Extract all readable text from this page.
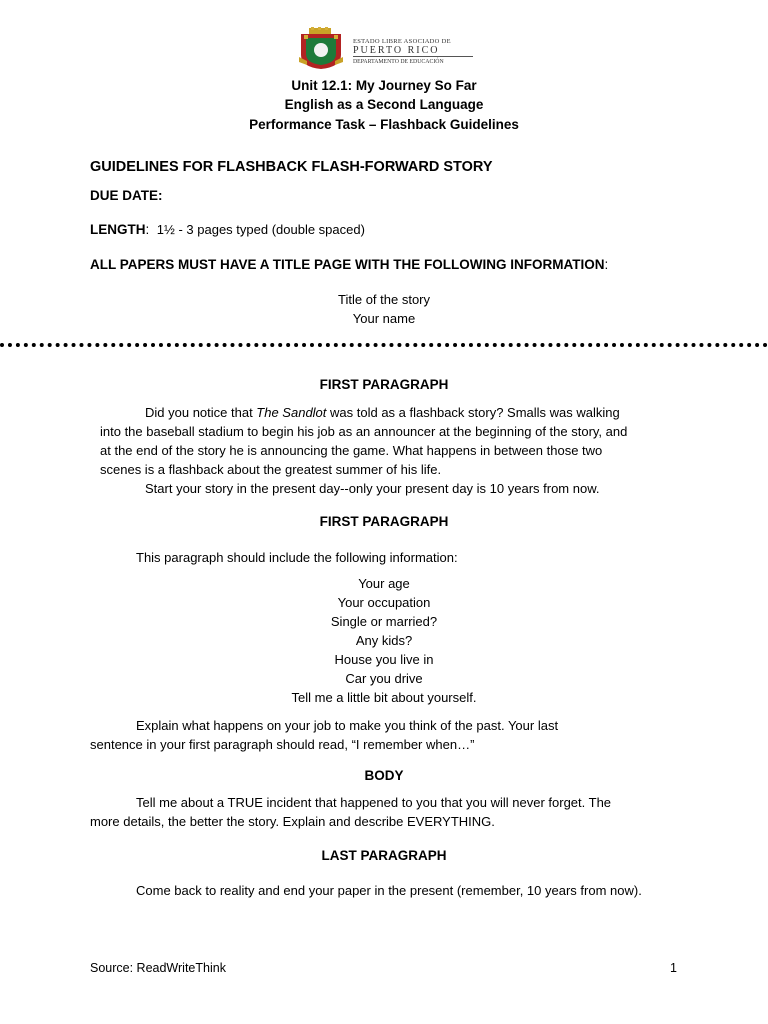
ESTADO LIBRE ASOCIADO DE
PUERTO RICO
DEPARTAMENTO DE EDUCACIÓN
Unit 12.1: My Journey So Far
English as a Second Language
Performance Task – Flashback Guidelines
GUIDELINES FOR FLASHBACK FLASH-FORWARD STORY
DUE DATE:
LENGTH: 1½ - 3 pages typed (double spaced)
ALL PAPERS MUST HAVE A TITLE PAGE WITH THE FOLLOWING INFORMATION:
Title of the story
Your name
FIRST PARAGRAPH
Did you notice that The Sandlot was told as a flashback story? Smalls was walking
into the baseball stadium to begin his job as an announcer at the beginning of the story, and
at the end of the story he is announcing the game. What happens in between those two
scenes is a flashback about the greatest summer of his life.
Start your story in the present day--only your present day is 10 years from now.
FIRST PARAGRAPH
This paragraph should include the following information:
Your age
Your occupation
Single or married?
Any kids?
House you live in
Car you drive
Tell me a little bit about yourself.
Explain what happens on your job to make you think of the past. Your last
sentence in your first paragraph should read, “I remember when…”
BODY
Tell me about a TRUE incident that happened to you that you will never forget. The
more details, the better the story. Explain and describe EVERYTHING.
LAST PARAGRAPH
Come back to reality and end your paper in the present (remember, 10 years from now).
Source: ReadWriteThink	1
